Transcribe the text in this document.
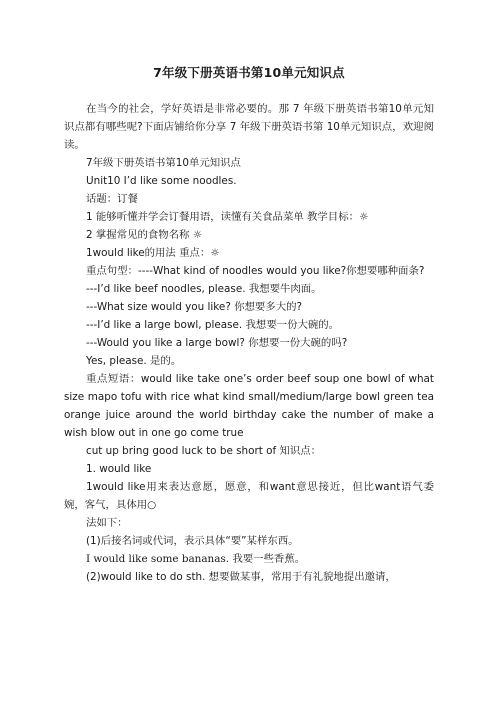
7年级下册英语书第10单元知识点

在当今的社会，学好英语是非常必要的。那 7 年级下册英语书第10单元知识点都有哪些呢?下面店铺给你分享 7 年级下册英语书第 10单元知识点，欢迎阅读。

7年级下册英语书第10单元知识点

Unit10 I’d like some noodles.

话题：订餐

1 能够听懂并学会订餐用语，读懂有关食品菜单 教学目标：☼

2 掌握常见的食物名称 ☼

1would like的用法 重点：☼

重点句型：----What kind of noodles would you like?你想要哪种面条?

---I’d like beef noodles, please. 我想要牛肉面。

---What size would you like? 你想要多大的?

---I’d like a large bowl, please. 我想要一份大碗的。

---Would you like a large bowl? 你想要一份大碗的吗?

Yes, please. 是的。

重点短语：would like take one’s order beef soup one bowl of what size mapo tofu with rice what kind small/medium/large bowl green tea orange juice around the world birthday cake the number of make a wish blow out in one go come true

cut up bring good luck to be short of 知识点：

1. would like

1would like用来表达意愿，愿意，和want意思接近，但比want语气委婉，客气，具体用○

法如下：

(1)后接名词或代词，表示具体“要”某样东西。

I would like some bananas. 我要一些香蕉。

(2)would like to do sth. 想要做某事，常用于有礼貌地提出邀请，
